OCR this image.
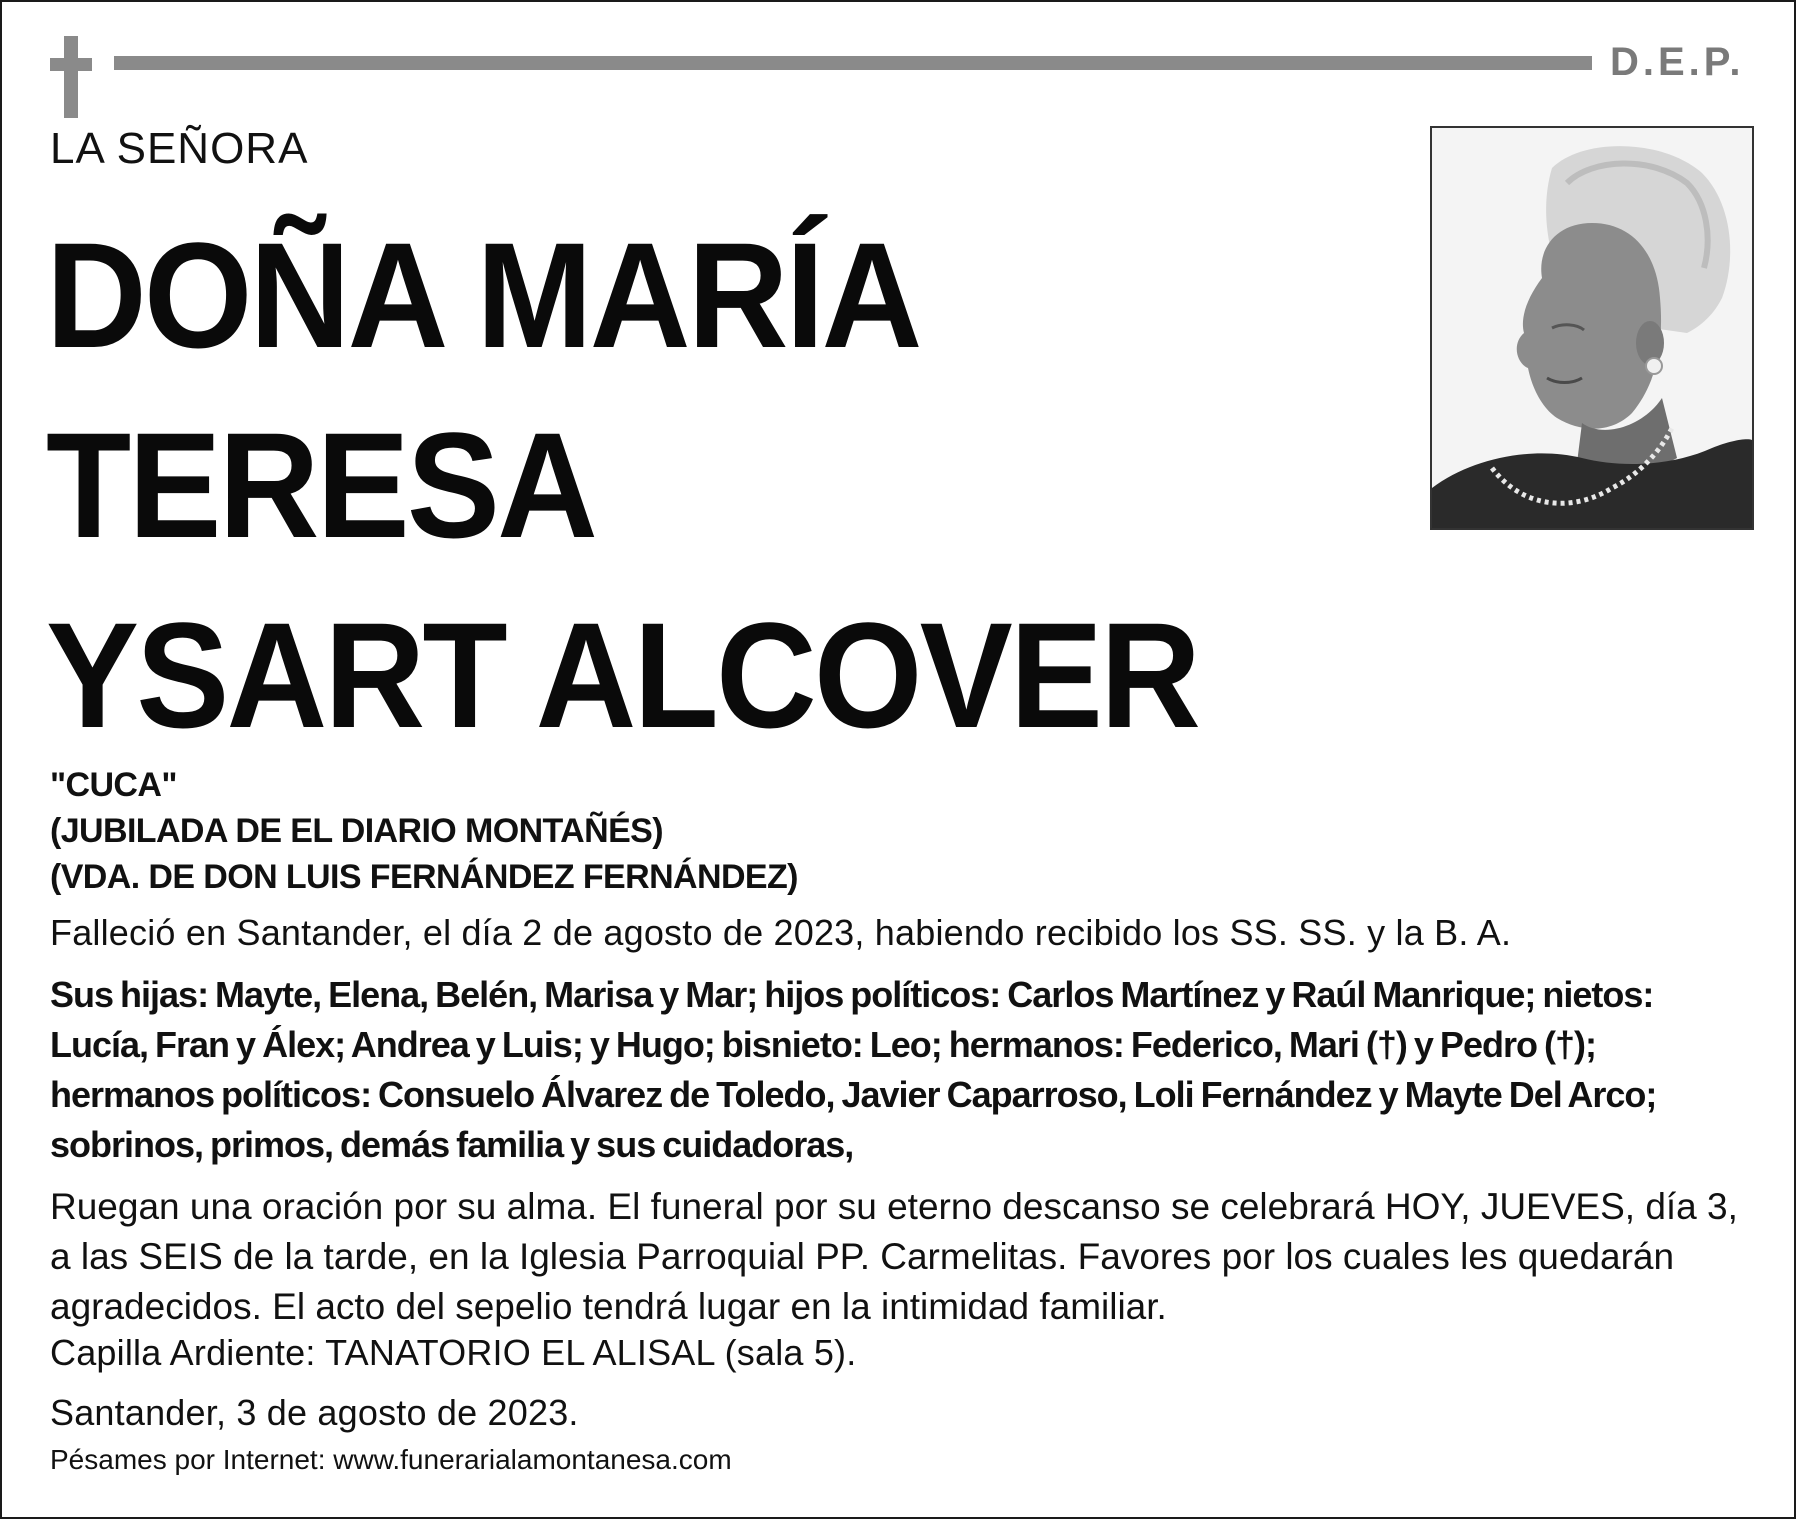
D.E.P.
LA SEÑORA
DOÑA MARÍA
TERESA
YSART ALCOVER
"CUCA"
(JUBILADA DE EL DIARIO MONTAÑÉS)
(VDA. DE DON LUIS FERNÁNDEZ FERNÁNDEZ)
Falleció en Santander, el día 2 de agosto de 2023, habiendo recibido los SS. SS. y la B. A.
Sus hijas: Mayte, Elena, Belén, Marisa y Mar; hijos políticos: Carlos Martínez y Raúl Manrique; nietos: Lucía, Fran y Álex; Andrea y Luis; y Hugo; bisnieto: Leo; hermanos: Federico, Mari (†) y Pedro (†); hermanos políticos: Consuelo Álvarez de Toledo, Javier Caparroso, Loli Fernández y Mayte Del Arco; sobrinos, primos, demás familia y sus cuidadoras,
Ruegan una oración por su alma. El funeral por su eterno descanso se celebrará HOY, JUEVES, día 3, a las SEIS de la tarde, en la Iglesia Parroquial PP. Carmelitas. Favores por los cuales les quedarán agradecidos. El acto del sepelio tendrá lugar en la intimidad familiar.
Capilla Ardiente: TANATORIO EL ALISAL (sala 5).
Santander, 3 de agosto de 2023.
Pésames por Internet: www.funerarialamontanesa.com
